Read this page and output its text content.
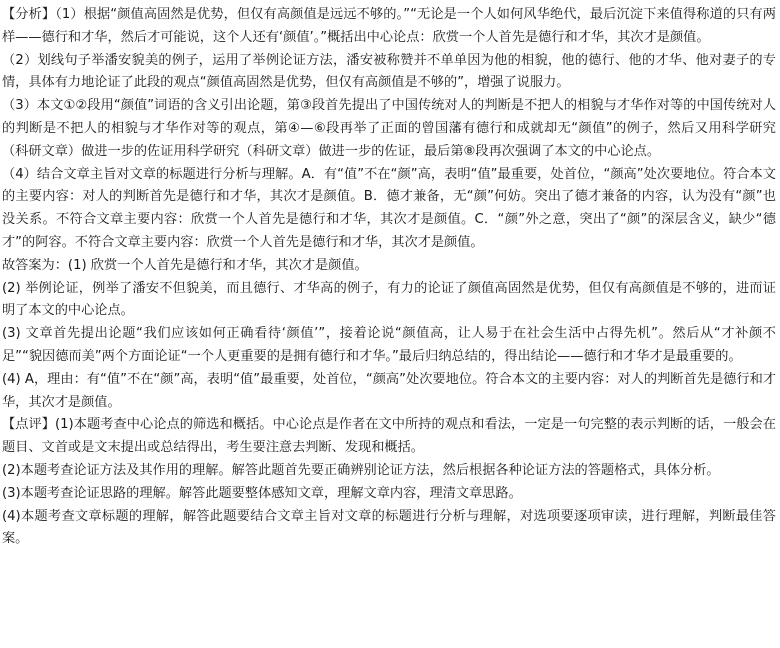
【分析】（1）根据“颜值高固然是优势，但仅有高颜值是远远不够的。”“无论是一个人如何风华绝代，最后沉淀下来值得称道的只有两样——德行和才华，然后才可能说，这个人还有‘颜值’。”概括出中心论点：欣赏一个人首先是德行和才华，其次才是颜值。

（2）划线句子举潘安貌美的例子，运用了举例论证方法，潘安被称赞并不单单因为他的相貌，他的德行、他的才华、他对妻子的专情，具体有力地论证了此段的观点“颜值高固然是优势，但仅有高颜值是不够的”，增强了说服力。

（3）本文①②段用“颜值”词语的含义引出论题，第③段首先提出了中国传统对人的判断是不把人的相貌与才华作对等的中国传统对人的判断是不把人的相貌与才华作对等的观点，第④—⑥段再举了正面的曾国藩有德行和成就却无“颜值”的例子，然后又用科学研究（科研文章）做进一步的佐证用科学研究（科研文章）做进一步的佐证，最后第⑧段再次强调了本文的中心论点。

（4）结合文章主旨对文章的标题进行分析与理解。A．有“值”不在“颜”高，表明“值”最重要，处首位，“颜高”处次要地位。符合本文的主要内容：对人的判断首先是德行和才华，其次才是颜值。B．德才兼备，无“颜”何妨。突出了德才兼备的内容，认为没有“颜”也没关系。不符合文章主要内容：欣赏一个人首先是德行和才华，其次才是颜值。C．“颜”外之意，突出了“颜”的深层含义，缺少“德才”的阿容。不符合文章主要内容：欣赏一个人首先是德行和才华，其次才是颜值。

故答案为：(1) 欣赏一个人首先是德行和才华，其次才是颜值。

(2) 举例论证，例举了潘安不但貌美，而且德行、才华高的例子，有力的论证了颜值高固然是优势，但仅有高颜值是不够的，进而证明了本文的中心论点。

(3) 文章首先提出论题“我们应该如何正确看待‘颜值’”，接着论说“颜值高，让人易于在社会生活中占得先机”。然后从“才补颜不足”“貌因德而美”两个方面论证“一个人更重要的是拥有德行和才华。”最后归纳总结的，得出结论——德行和才华才是最重要的。

(4) A，理由：有“值”不在“颜”高，表明“值”最重要，处首位，“颜高”处次要地位。符合本文的主要内容：对人的判断首先是德行和才华，其次才是颜值。

【点评】(1)本题考查中心论点的筛选和概括。中心论点是作者在文中所持的观点和看法，一定是一句完整的表示判断的话，一般会在题目、文首或是文末提出或总结得出，考生要注意去判断、发现和概括。

(2)本题考查论证方法及其作用的理解。解答此题首先要正确辨别论证方法，然后根据各种论证方法的答题格式，具体分析。

(3)本题考查论证思路的理解。解答此题要整体感知文章，理解文章内容，理清文章思路。

(4)本题考查文章标题的理解，解答此题要结合文章主旨对文章的标题进行分析与理解，对选项要逐项审读，进行理解，判断最佳答案。
